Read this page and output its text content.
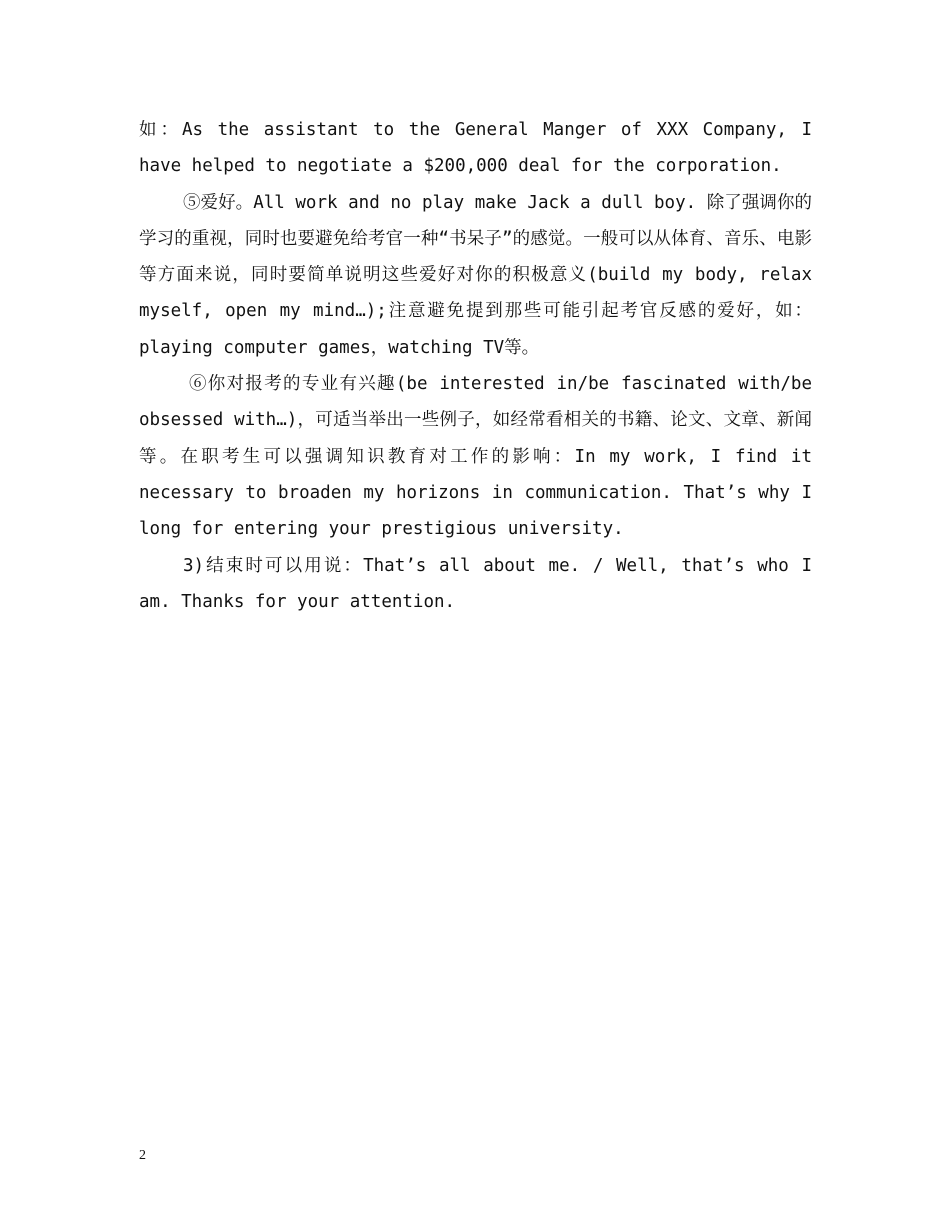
如：As the assistant to the General Manger of XXX Company, I have helped to negotiate a $200,000 deal for the corporation.

⑤爱好。All work and no play make Jack a dull boy. 除了强调你的学习的重视，同时也要避免给考官一种“书呆子”的感觉。一般可以从体育、音乐、电影等方面来说，同时要简单说明这些爱好对你的积极意义(build my body, relax myself, open my mind…);注意避免提到那些可能引起考官反感的爱好，如：playing computer games，watching TV等。

⑥你对报考的专业有兴趣(be interested in/be fascinated with/be obsessed with…)，可适当举出一些例子，如经常看相关的书籍、论文、文章、新闻等。在职考生可以强调知识教育对工作的影响：In my work, I find it necessary to broaden my horizons in communication. That’s why I long for entering your prestigious university.

3)结束时可以用说：That’s all about me. / Well, that’s who I am. Thanks for your attention.

2
